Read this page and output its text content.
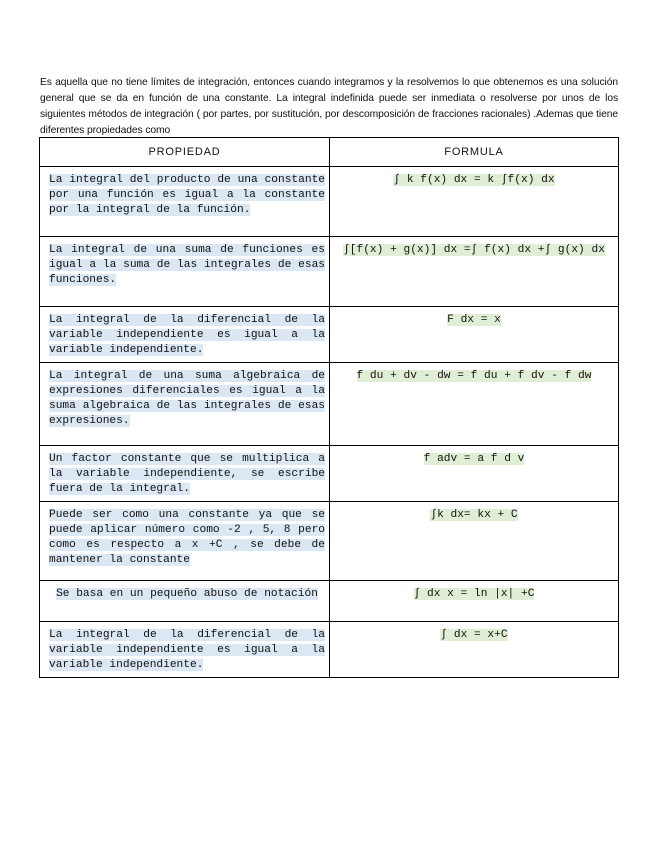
Es aquella que no tiene límites de integración, entonces cuando integramos y la resolvemos lo que obtenemos es una solución general que se da en función de una constante. La integral indefinida puede ser inmediata o resolverse por unos de los siguientes métodos de integración ( por partes, por sustitución, por descomposición de fracciones racionales) .Ademas que tiene diferentes propiedades como
PROPIEDAD	FORMULA

La integral del producto de una constante por una función es igual a la constante por la integral de la función.	∫ k f(x) dx = k ∫f(x) dx

La integral de una suma de funciones es igual a la suma de las integrales de esas funciones.	∫[f(x) + g(x)] dx =∫ f(x) dx +∫ g(x) dx

La integral de la diferencial de la variable independiente es igual a la variable independiente.	F dx = x

La integral de una suma algebraica de expresiones diferenciales es igual a la suma algebraica de las integrales de esas expresiones.	f du + dv - dw = f du + f dv - f dw

Un factor constante que se multiplica a la variable independiente, se escribe fuera de la integral.	f adv = a f d v

Puede ser como una constante ya que se puede aplicar número como -2 , 5, 8 pero como es respecto a x +C , se debe de mantener la constante	∫k dx= kx + C

Se basa en un pequeño abuso de notación	∫ dx x = ln |x| +C

La integral de la diferencial de la variable independiente es igual a la variable independiente.	∫ dx = x+C
